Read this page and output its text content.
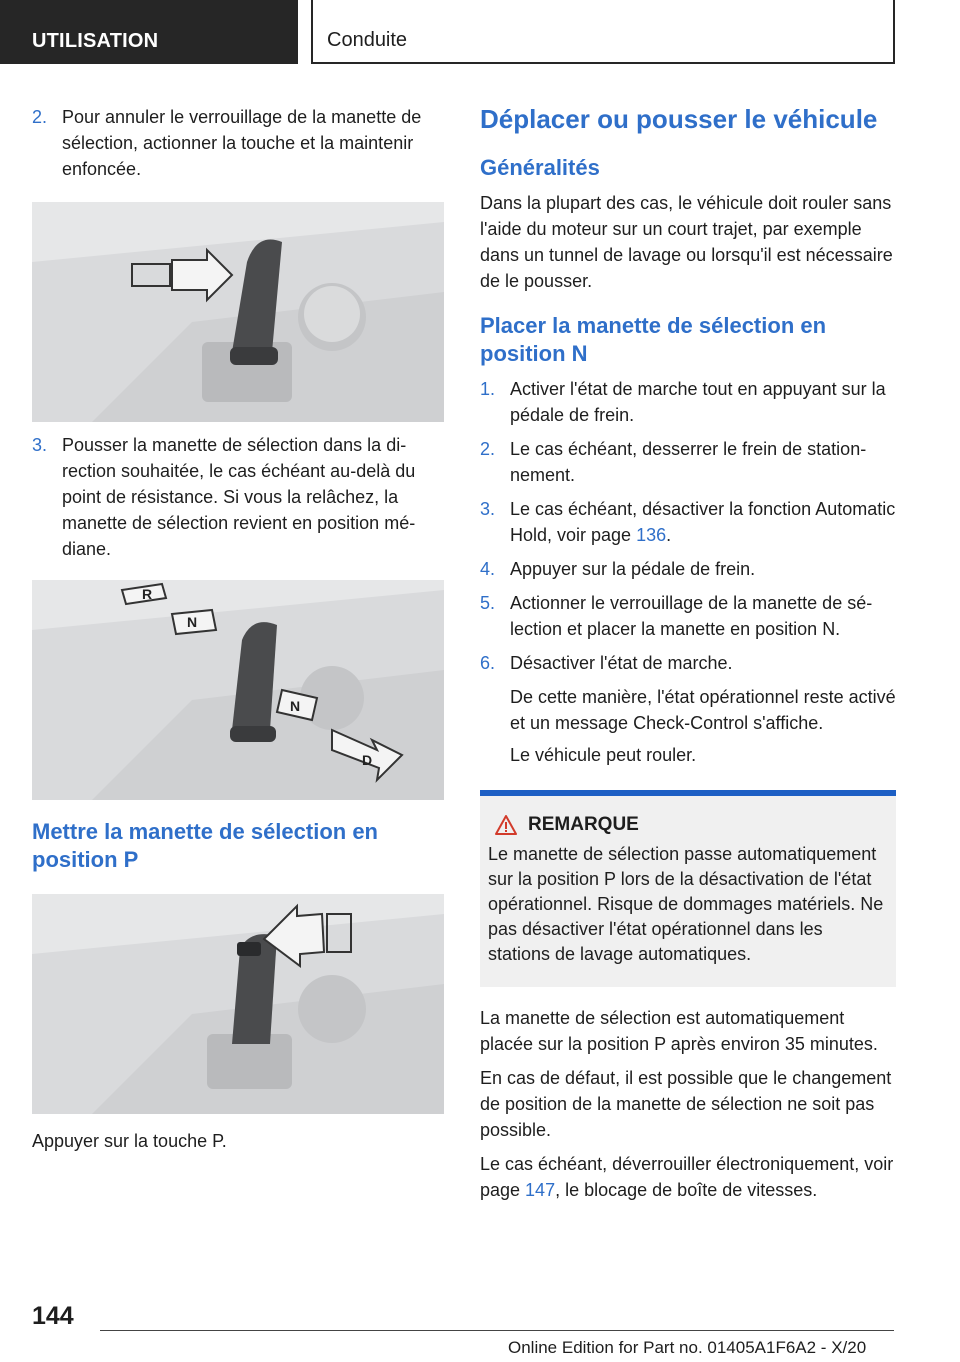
UTILISATION	Conduite
2. Pour annuler le verrouillage de la manette de sélection, actionner la touche et la maintenir enfoncée.
3. Pousser la manette de sélection dans la direction souhaitée, le cas échéant au-delà du point de résistance. Si vous la relâchez, la manette de sélection revient en position médiane.
R
N
N
D
Mettre la manette de sélection en position P
Appuyer sur la touche P.
Déplacer ou pousser le véhicule
Généralités
Dans la plupart des cas, le véhicule doit rouler sans l'aide du moteur sur un court trajet, par exemple dans un tunnel de lavage ou lorsqu'il est nécessaire de le pousser.
Placer la manette de sélection en position N
1. Activer l'état de marche tout en appuyant sur la pédale de frein.
2. Le cas échéant, desserrer le frein de stationnement.
3. Le cas échéant, désactiver la fonction Automatic Hold, voir page 136.
4. Appuyer sur la pédale de frein.
5. Actionner le verrouillage de la manette de sélection et placer la manette en position N.
6. Désactiver l'état de marche.
De cette manière, l'état opérationnel reste activé et un message Check-Control s'affiche.
Le véhicule peut rouler.
REMARQUE
Le manette de sélection passe automatiquement sur la position P lors de la désactivation de l'état opérationnel. Risque de dommages matériels. Ne pas désactiver l'état opérationnel dans les stations de lavage automatiques.
La manette de sélection est automatiquement placée sur la position P après environ 35 minutes.
En cas de défaut, il est possible que le changement de position de la manette de sélection ne soit pas possible.
Le cas échéant, déverrouiller électroniquement, voir page 147, le blocage de boîte de vitesses.
144
Online Edition for Part no. 01405A1F6A2 - X/20
